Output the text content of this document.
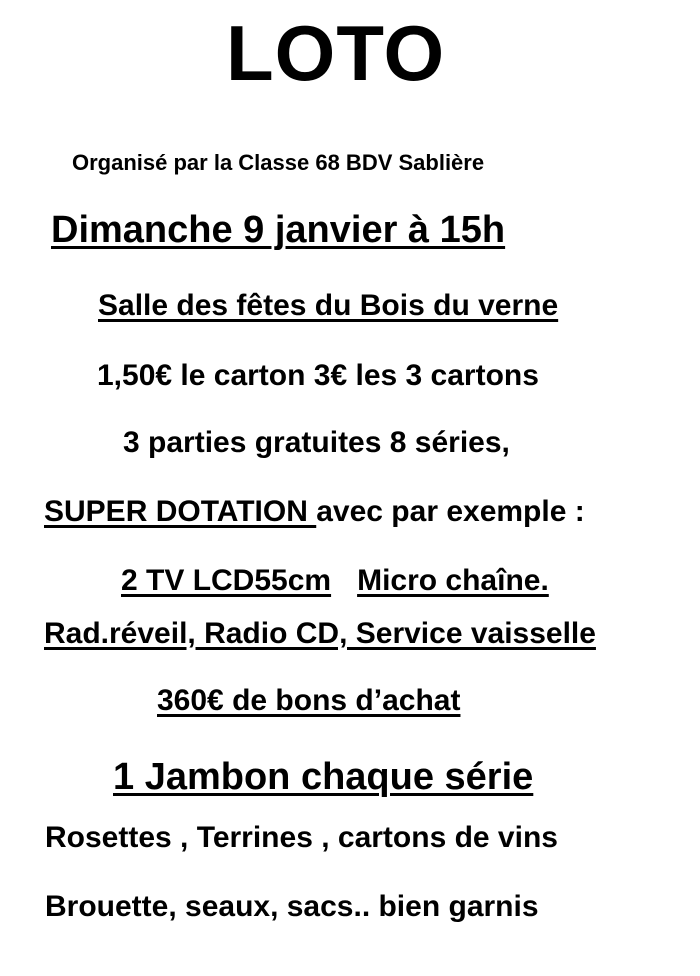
LOTO
Organisé par la Classe 68 BDV Sablière
Dimanche 9 janvier à 15h
Salle des fêtes du Bois du verne
1,50€ le carton 3€ les 3 cartons
3 parties gratuites 8 séries,
SUPER DOTATION avec par exemple :
2 TV LCD55cm Micro chaîne.
Rad.réveil, Radio CD, Service vaisselle
360€ de bons d’achat
1 Jambon chaque série
Rosettes , Terrines , cartons de vins
Brouette, seaux, sacs.. bien garnis
